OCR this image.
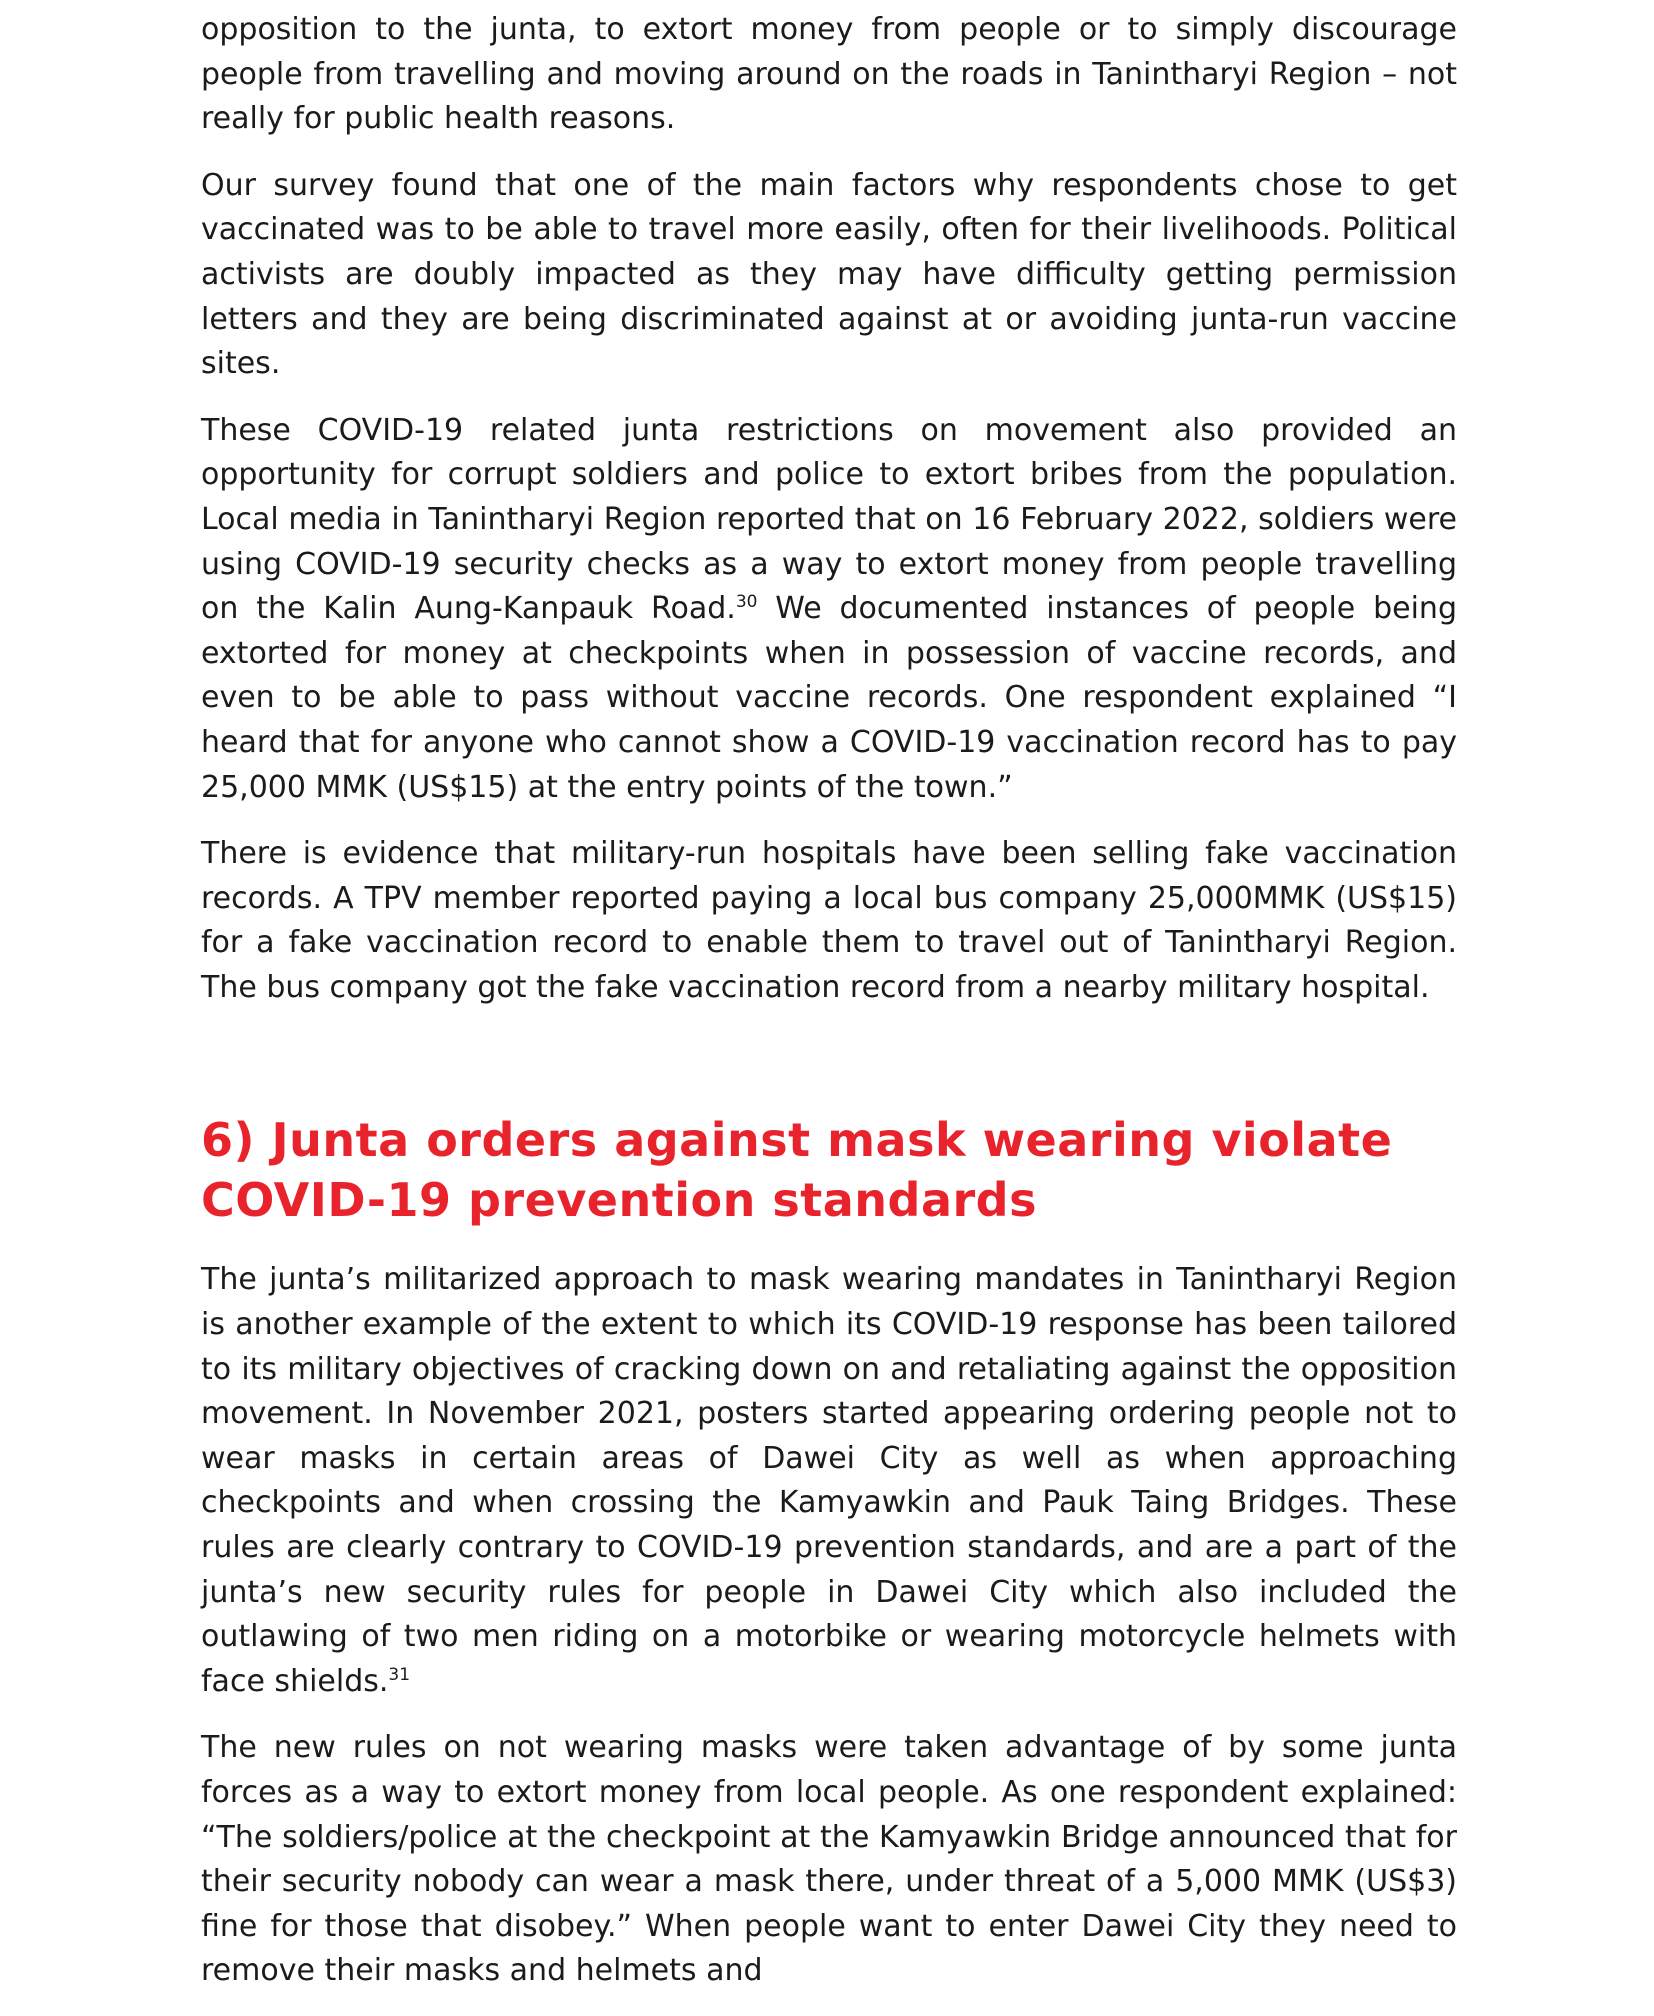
opposition to the junta, to extort money from people or to simply discourage people from travelling and moving around on the roads in Tanintharyi Region – not really for public health reasons.

Our survey found that one of the main factors why respondents chose to get vaccinated was to be able to travel more easily, often for their livelihoods. Political activists are doubly impacted as they may have difficulty getting permission letters and they are being discriminated against at or avoiding junta-run vaccine sites.

These COVID-19 related junta restrictions on movement also provided an opportunity for corrupt soldiers and police to extort bribes from the population. Local media in Tanintharyi Region reported that on 16 February 2022, soldiers were using COVID-19 security checks as a way to extort money from people travelling on the Kalin Aung-Kanpauk Road.$^{30}$ We documented instances of people being extorted for money at checkpoints when in possession of vaccine records, and even to be able to pass without vaccine records. One respondent explained “I heard that for anyone who cannot show a COVID-19 vaccination record has to pay 25,000 MMK (US$15) at the entry points of the town.”

There is evidence that military-run hospitals have been selling fake vaccination records. A TPV member reported paying a local bus company 25,000MMK (US$15) for a fake vaccination record to enable them to travel out of Tanintharyi Region. The bus company got the fake vaccination record from a nearby military hospital.

6) Junta orders against mask wearing violate
COVID-19 prevention standards

The junta’s militarized approach to mask wearing mandates in Tanintharyi Region is another example of the extent to which its COVID-19 response has been tailored to its military objectives of cracking down on and retaliating against the opposition movement. In November 2021, posters started appearing ordering people not to wear masks in certain areas of Dawei City as well as when approaching checkpoints and when crossing the Kamyawkin and Pauk Taing Bridges. These rules are clearly contrary to COVID-19 prevention standards, and are a part of the junta’s new security rules for people in Dawei City which also included the outlawing of two men riding on a motorbike or wearing motorcycle helmets with face shields.$^{31}$

The new rules on not wearing masks were taken advantage of by some junta forces as a way to extort money from local people. As one respondent explained: “The soldiers/police at the checkpoint at the Kamyawkin Bridge announced that for their security nobody can wear a mask there, under threat of a 5,000 MMK (US$3) fine for those that disobey.” When people want to enter Dawei City they need to remove their masks and helmets and
